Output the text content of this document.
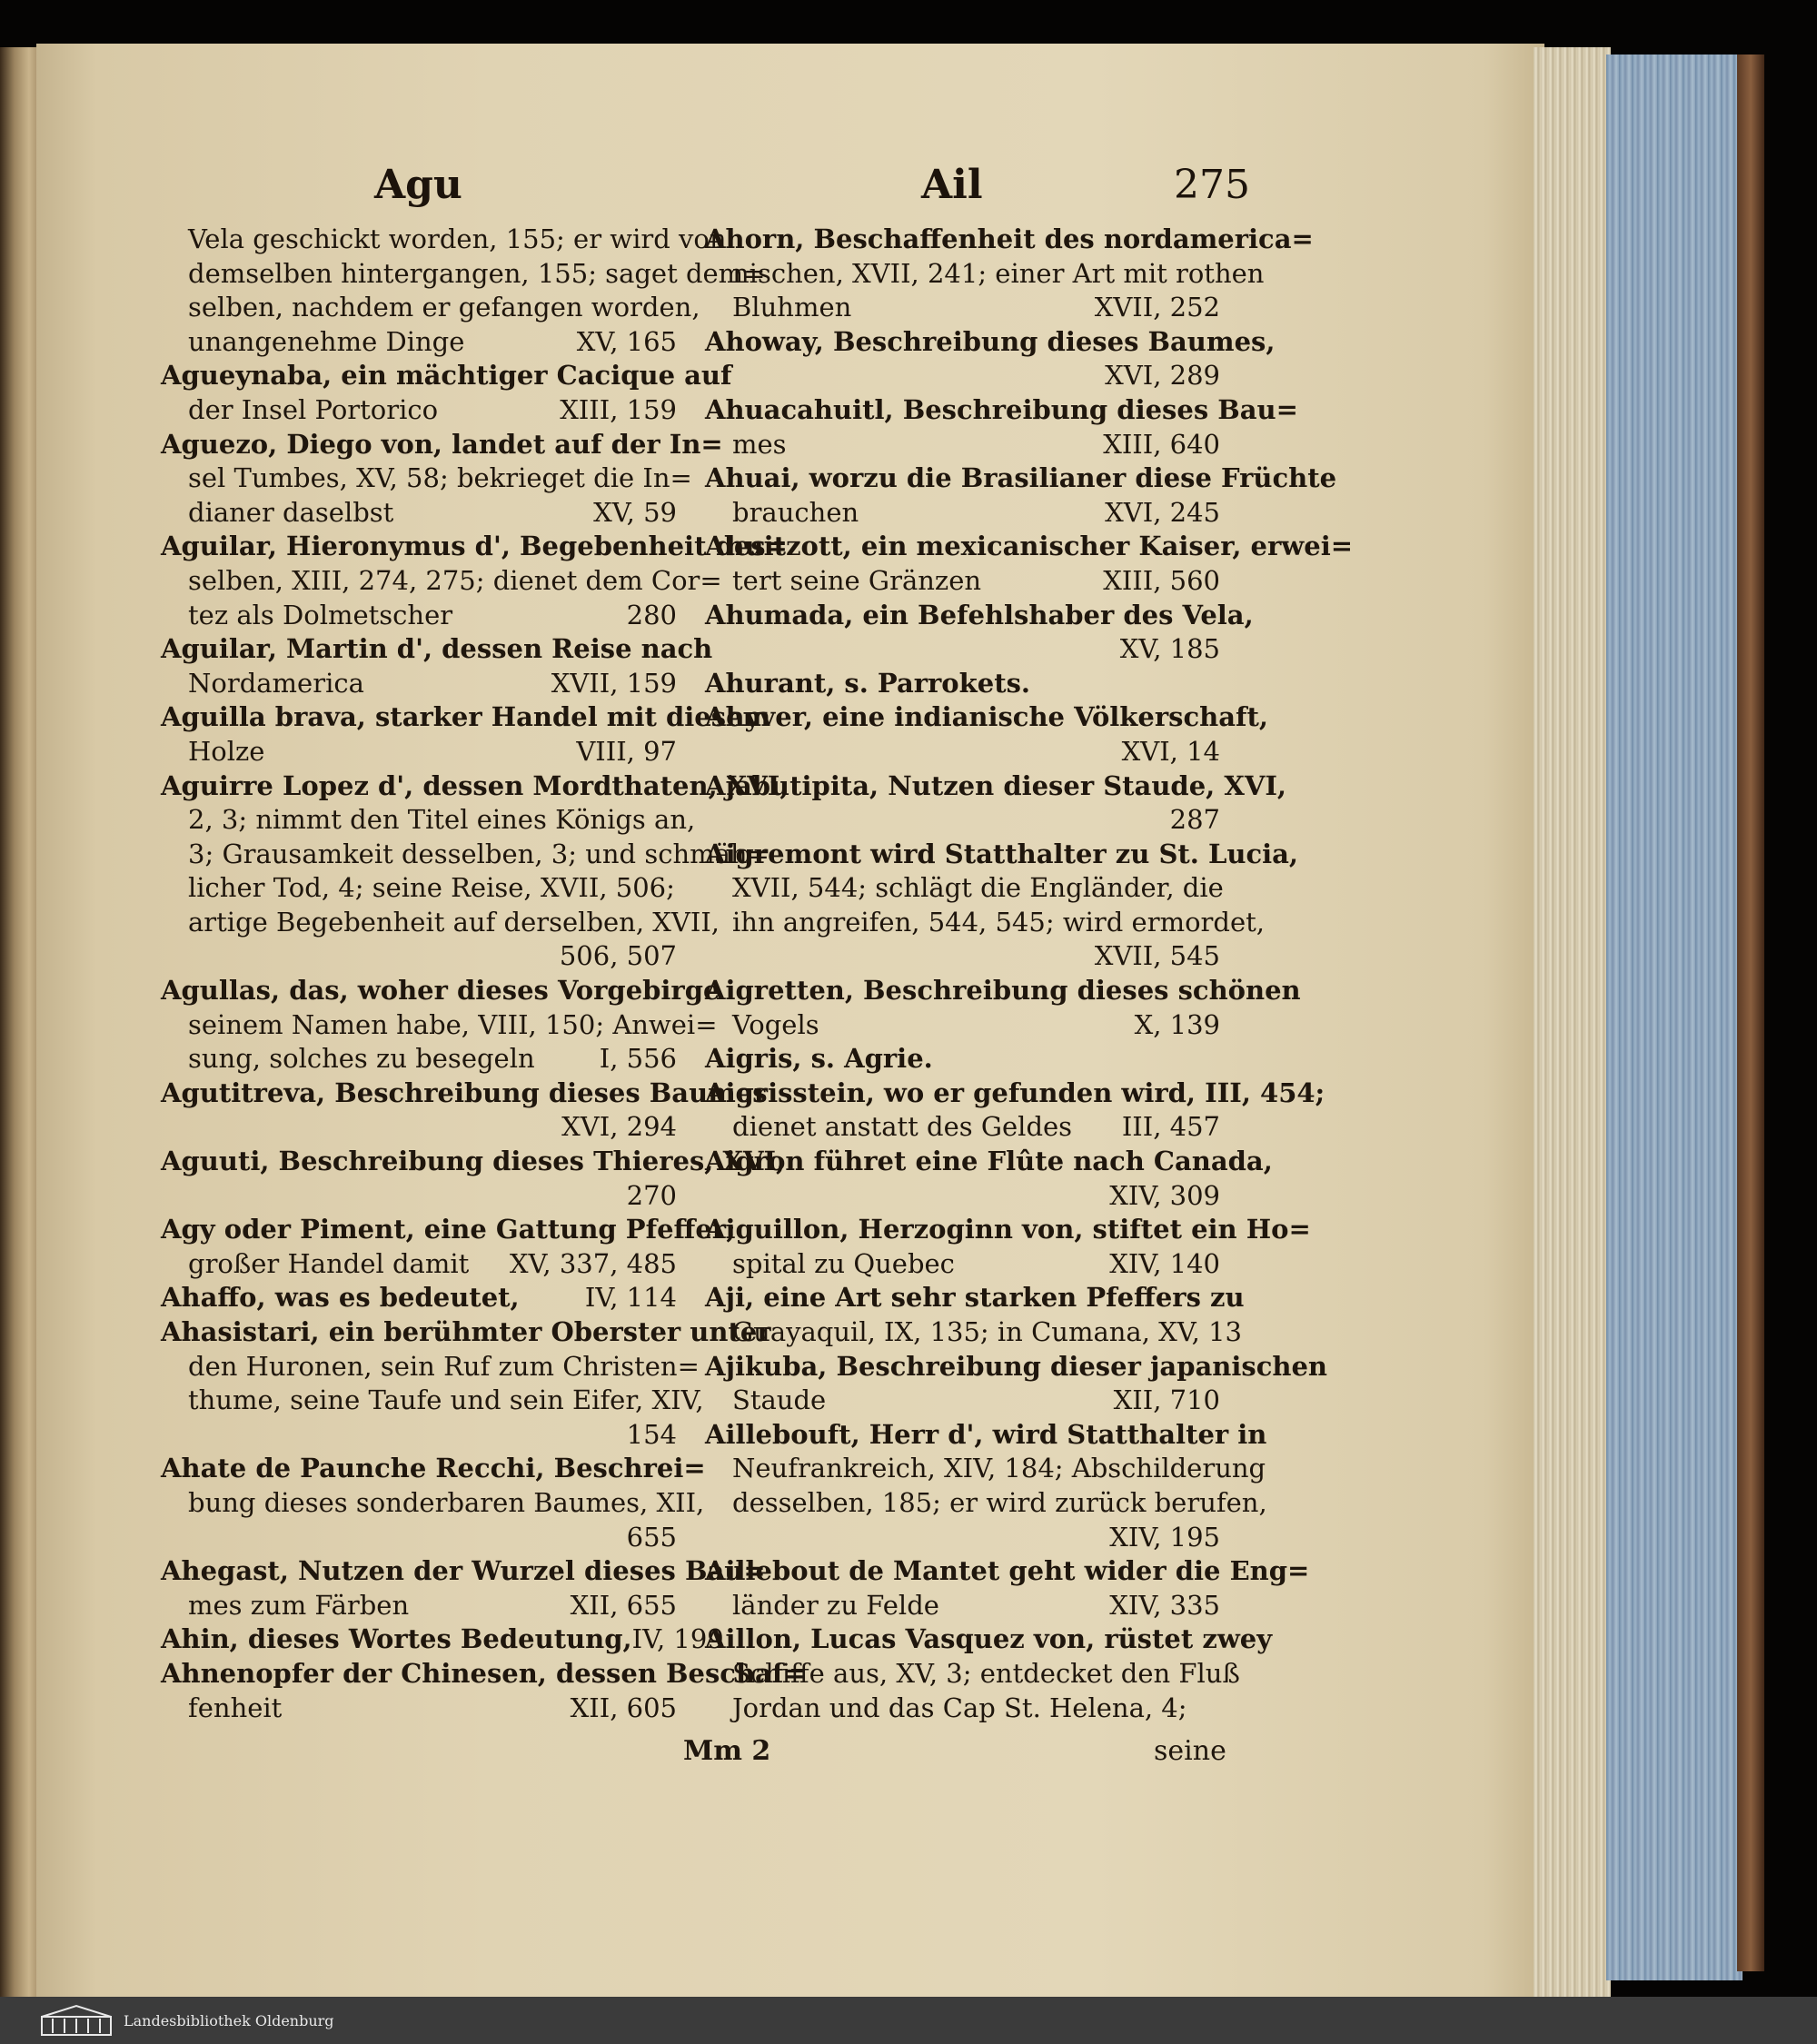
Agu	Ail	275
Vela geschickt worden, 155; er wird von
demselben hintergangen, 155; saget dem=
selben, nachdem er gefangen worden,
unangenehme Dinge	XV, 165
Agueynaba, ein mächtiger Cacique auf
der Insel Portorico	XIII, 159
Aguezo, Diego von, landet auf der In=
sel Tumbes, XV, 58; bekrieget die In=
dianer daselbst	XV, 59
Aguilar, Hieronymus d', Begebenheit des=
selben, XIII, 274, 275; dienet dem Cor=
tez als Dolmetscher	280
Aguilar, Martin d', dessen Reise nach
Nordamerica	XVII, 159
Aguilla brava, starker Handel mit diesem
Holze	VIII, 97
Aguirre Lopez d', dessen Mordthaten, XVI,
2, 3; nimmt den Titel eines Königs an,
3; Grausamkeit desselben, 3; und schmäh=
licher Tod, 4; seine Reise, XVII, 506;
artige Begebenheit auf derselben, XVII,
506, 507
Agullas, das, woher dieses Vorgebirge
seinem Namen habe, VIII, 150; Anwei=
sung, solches zu besegeln	I, 556
Agutitreva, Beschreibung dieses Baumes
XVI, 294
Aguuti, Beschreibung dieses Thieres, XVI,
270
Agy oder Piment, eine Gattung Pfeffer;
großer Handel damit	XV, 337, 485
Ahaffo, was es bedeutet,	IV, 114
Ahasistari, ein berühmter Oberster unter
den Huronen, sein Ruf zum Christen=
thume, seine Taufe und sein Eifer, XIV,
154
Ahate de Paunche Recchi, Beschrei=
bung dieses sonderbaren Baumes, XII,
655
Ahegast, Nutzen der Wurzel dieses Bau=
mes zum Färben	XII, 655
Ahin, dieses Wortes Bedeutung, IV, 199
Ahnenopfer der Chinesen, dessen Beschaf=
fenheit	XII, 605
Ahorn, Beschaffenheit des nordamerica=
nischen, XVII, 241; einer Art mit rothen
Bluhmen	XVII, 252
Ahoway, Beschreibung dieses Baumes,
XVI, 289
Ahuacahuitl, Beschreibung dieses Bau=
mes	XIII, 640
Ahuai, worzu die Brasilianer diese Früchte
brauchen	XVI, 245
Ahuitzott, ein mexicanischer Kaiser, erwei=
tert seine Gränzen	XIII, 560
Ahumada, ein Befehlshaber des Vela,
XV, 185
Ahurant, s. Parrokets.
Ahyver, eine indianische Völkerschaft,
XVI, 14
Ajabutipita, Nutzen dieser Staude, XVI,
287
Aigremont wird Statthalter zu St. Lucia,
XVII, 544; schlägt die Engländer, die
ihn angreifen, 544, 545; wird ermordet,
XVII, 545
Aigretten, Beschreibung dieses schönen
Vogels	X, 139
Aigris, s. Agrie.
Aigrisstein, wo er gefunden wird, III, 454;
dienet anstatt des Geldes	III, 457
Aigron führet eine Flûte nach Canada,
XIV, 309
Aiguillon, Herzoginn von, stiftet ein Ho=
spital zu Quebec	XIV, 140
Aji, eine Art sehr starken Pfeffers zu
Guayaquil, IX, 135; in Cumana, XV, 13
Ajikuba, Beschreibung dieser japanischen
Staude	XII, 710
Aillebouft, Herr d', wird Statthalter in
Neufrankreich, XIV, 184; Abschilderung
desselben, 185; er wird zurück berufen,
XIV, 195
Aillebout de Mantet geht wider die Eng=
länder zu Felde	XIV, 335
Aillon, Lucas Vasquez von, rüstet zwey
Schiffe aus, XV, 3; entdecket den Fluß
Jordan und das Cap St. Helena, 4;
Mm 2	seine
Landesbibliothek Oldenburg
